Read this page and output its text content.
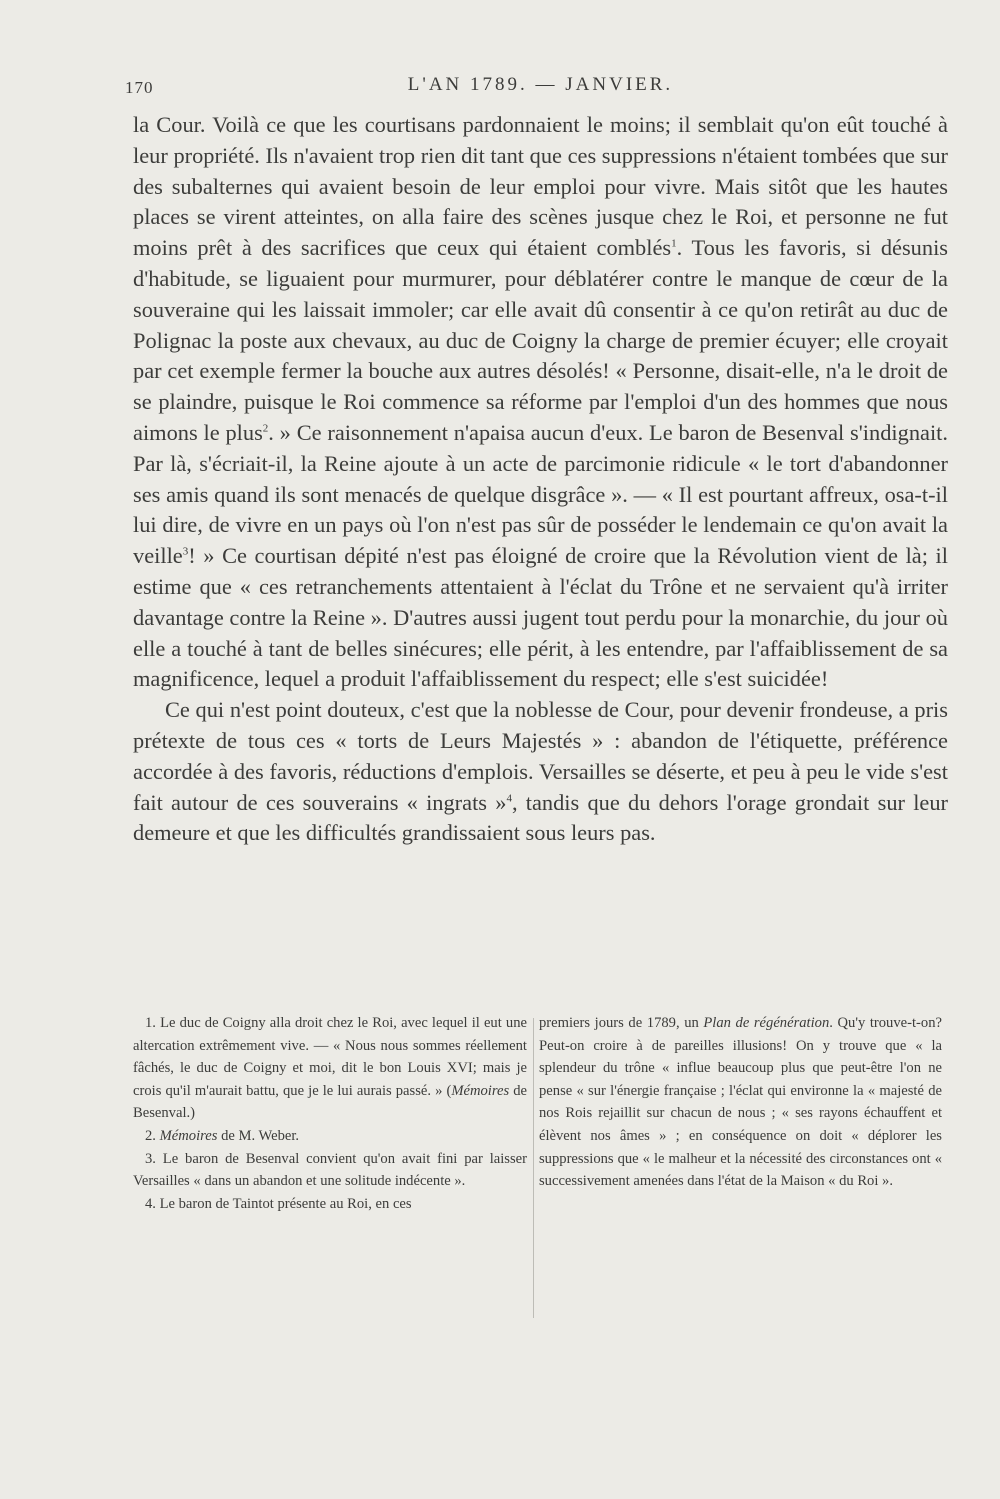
170	L'AN 1789. — JANVIER.

la Cour. Voilà ce que les courtisans pardonnaient le moins; il semblait qu'on eût touché à leur propriété. Ils n'avaient trop rien dit tant que ces suppressions n'étaient tombées que sur des subalternes qui avaient besoin de leur emploi pour vivre. Mais sitôt que les hautes places se virent atteintes, on alla faire des scènes jusque chez le Roi, et personne ne fut moins prêt à des sacrifices que ceux qui étaient comblés$^1$. Tous les favoris, si désunis d'habitude, se liguaient pour murmurer, pour déblatérer contre le manque de cœur de la souveraine qui les laissait immoler; car elle avait dû consentir à ce qu'on retirât au duc de Polignac la poste aux chevaux, au duc de Coigny la charge de premier écuyer; elle croyait par cet exemple fermer la bouche aux autres désolés! « Personne, disait-elle, n'a le droit de se plaindre, puisque le Roi commence sa réforme par l'emploi d'un des hommes que nous aimons le plus$^2$. » Ce raisonnement n'apaisa aucun d'eux. Le baron de Besenval s'indignait. Par là, s'écriait-il, la Reine ajoute à un acte de parcimonie ridicule « le tort d'abandonner ses amis quand ils sont menacés de quelque disgrâce ». — « Il est pourtant affreux, osa-t-il lui dire, de vivre en un pays où l'on n'est pas sûr de posséder le lendemain ce qu'on avait la veille$^3$! » Ce courtisan dépité n'est pas éloigné de croire que la Révolution vient de là; il estime que « ces retranchements attentaient à l'éclat du Trône et ne servaient qu'à irriter davantage contre la Reine ». D'autres aussi jugent tout perdu pour la monarchie, du jour où elle a touché à tant de belles sinécures; elle périt, à les entendre, par l'affaiblissement de sa magnificence, lequel a produit l'affaiblissement du respect; elle s'est suicidée!

Ce qui n'est point douteux, c'est que la noblesse de Cour, pour devenir frondeuse, a pris prétexte de tous ces « torts de Leurs Majestés » : abandon de l'étiquette, préférence accordée à des favoris, réductions d'emplois. Versailles se déserte, et peu à peu le vide s'est fait autour de ces souverains « ingrats »$^4$, tandis que du dehors l'orage grondait sur leur demeure et que les difficultés grandissaient sous leurs pas.

1. Le duc de Coigny alla droit chez le Roi, avec lequel il eut une altercation extrêmement vive. — « Nous nous sommes réellement fâchés, le duc de Coigny et moi, dit le bon Louis XVI; mais je crois qu'il m'aurait battu, que je le lui aurais passé. » (Mémoires de Besenval.)

2. Mémoires de M. Weber.

3. Le baron de Besenval convient qu'on avait fini par laisser Versailles « dans un abandon et une solitude indécente ».

4. Le baron de Taintot présente au Roi, en ces

premiers jours de 1789, un Plan de régénération. Qu'y trouve-t-on? Peut-on croire à de pareilles illusions! On y trouve que « la splendeur du trône « influe beaucoup plus que peut-être l'on ne pense « sur l'énergie française ; l'éclat qui environne la « majesté de nos Rois rejaillit sur chacun de nous ; « ses rayons échauffent et élèvent nos âmes » ; en conséquence on doit « déplorer les suppressions que « le malheur et la nécessité des circonstances ont « successivement amenées dans l'état de la Maison « du Roi ».
